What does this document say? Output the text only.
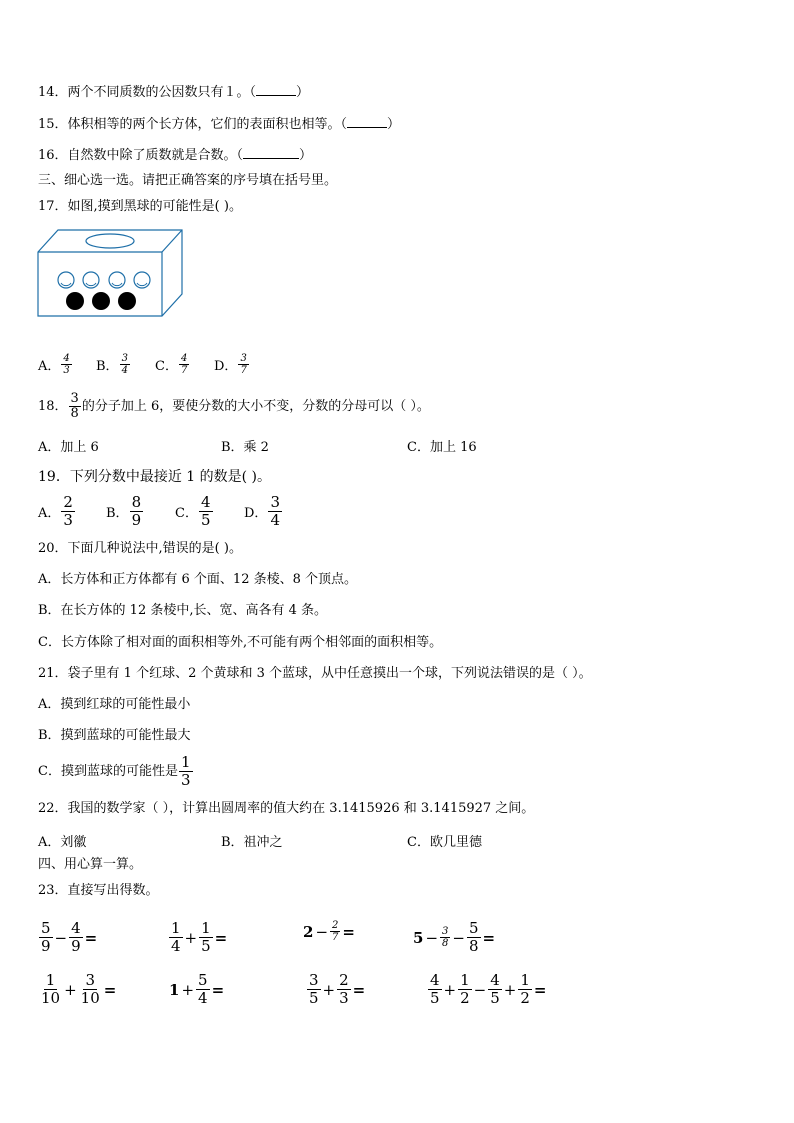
14．两个不同质数的公因数只有１。（	）
15．体积相等的两个长方体，它们的表面积也相等。（	）
16．自然数中除了质数就是合数。（	）
三、细心选一选。请把正确答案的序号填在括号里。
17．如图,摸到黑球的可能性是( )。
A． $\frac{4}{3}$ B． $\frac{3}{4}$ C． $\frac{4}{7}$ D． $\frac{3}{7}$
18． $\frac{3}{8}$ 的分子加上 6，要使分数的大小不变，分数的分母可以（ ）。
A．加上 6	B．乘 2	C．加上 16
19．下列分数中最接近 1 的数是( )。
A． $\frac{2}{3}$ B． $\frac{8}{9}$ C． $\frac{4}{5}$ D． $\frac{3}{4}$
20．下面几种说法中,错误的是( )。
A．长方体和正方体都有 6 个面、12 条棱、8 个顶点。
B．在长方体的 12 条棱中,长、宽、高各有 4 条。
C．长方体除了相对面的面积相等外,不可能有两个相邻面的面积相等。
21．袋子里有 1 个红球、2 个黄球和 3 个蓝球，从中任意摸出一个球，下列说法错误的是（ ）。
A．摸到红球的可能性最小
B．摸到蓝球的可能性最大
C．摸到蓝球的可能性是 $\frac{1}{3}$
22．我国的数学家（ ），计算出圆周率的值大约在 3.1415926 和 3.1415927 之间。
A．刘徽	B．祖冲之	C．欧几里德
四、用心算一算。
23．直接写出得数。
$\frac{5}{9} - \frac{4}{9}$ =	$\frac{1}{4} + \frac{1}{5}$ =	$2 - \frac{2}{7}$ =	$5 - \frac{3}{8} - \frac{5}{8}$ =
$\frac{1}{10} + \frac{3}{10}$ =	$1 + \frac{5}{4}$ =	$\frac{3}{5} + \frac{2}{3}$ =	$\frac{4}{5} + \frac{1}{2} - \frac{4}{5} + \frac{1}{2}$ =
